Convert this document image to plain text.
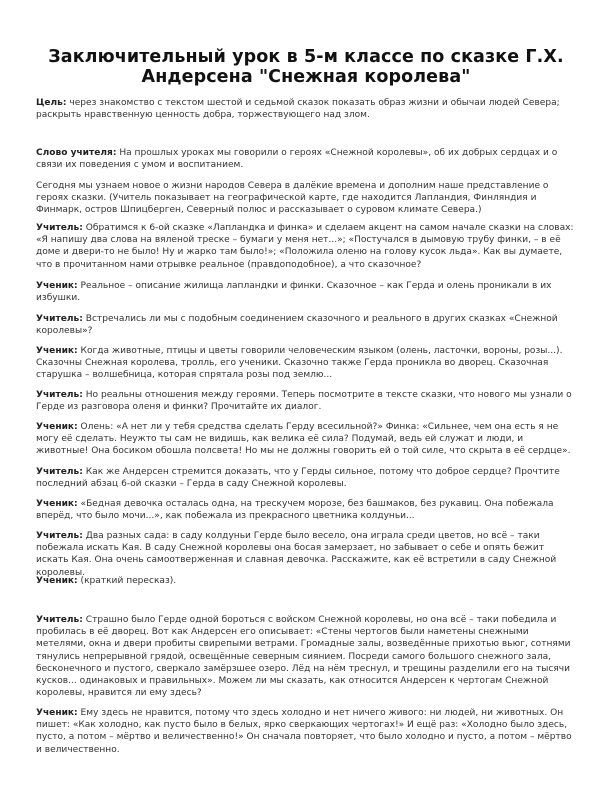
Заключительный урок в 5-м классе по сказке Г.Х. Андерсена "Снежная королева"

Цель: через знакомство с текстом шестой и седьмой сказок показать образ жизни и обычаи людей Севера; раскрыть нравственную ценность добра, торжествующего над злом.

Слово учителя: На прошлых уроках мы говорили о героях «Снежной королевы», об их добрых сердцах и о связи их поведения с умом и воспитанием.

Сегодня мы узнаем новое о жизни народов Севера в далёкие времена и дополним наше представление о героях сказки. (Учитель показывает на географической карте, где находится Лапландия, Финляндия и Финмарк, остров Шпицберген, Северный полюс и рассказывает о суровом климате Севера.)

Учитель: Обратимся к 6-ой сказке «Лапландка и финка» и сделаем акцент на самом начале сказки на словах: «Я напишу два слова на вяленой треске – бумаги у меня нет...»; «Постучался в дымовую трубу финки, – в её доме и двери-то не было! Ну и жарко там было!»; «Положила оленю на голову кусок льда». Как вы думаете, что в прочитанном нами отрывке реальное (правдоподобное), а что сказочное?

Ученик: Реальное – описание жилища лапландки и финки. Сказочное – как Герда и олень проникали в их избушки.

Учитель: Встречались ли мы с подобным соединением сказочного и реального в других сказках «Снежной королевы»?

Ученик: Когда животные, птицы и цветы говорили человеческим языком (олень, ласточки, вороны, розы...). Сказочны Снежная королева, тролль, его ученики. Сказочно также Герда проникла во дворец. Сказочная старушка – волшебница, которая спрятала розы под землю...

Учитель: Но реальны отношения между героями. Теперь посмотрите в тексте сказки, что нового мы узнали о Герде из разговора оленя и финки? Прочитайте их диалог.

Ученик: Олень: «А нет ли у тебя средства сделать Герду всесильной?» Финка: «Сильнее, чем она есть я не могу её сделать. Неужто ты сам не видишь, как велика её сила? Подумай, ведь ей служат и люди, и животные! Она босиком обошла полсвета! Но мы не должны говорить ей о той силе, что скрыта в её сердце».

Учитель: Как же Андерсен стремится доказать, что у Герды сильное, потому что доброе сердце? Прочтите последний абзац 6-ой сказки – Герда в саду Снежной королевы.

Ученик: «Бедная девочка осталась одна, на трескучем морозе, без башмаков, без рукавиц. Она побежала вперёд, что было мочи...», как побежала из прекрасного цветника колдуньи...

Учитель: Два разных сада: в саду колдуньи Герде было весело, она играла среди цветов, но всё – таки побежала искать Кая. В саду Снежной королевы она босая замерзает, но забывает о себе и опять бежит искать Кая. Она очень самоотверженная и славная девочка. Расскажите, как её встретили в саду Снежной королевы.

Ученик: (краткий пересказ).

Учитель: Страшно было Герде одной бороться с войском Снежной королевы, но она всё – таки победила и пробилась в её дворец. Вот как Андерсен его описывает: «Стены чертогов были наметены снежными метелями, окна и двери пробиты свирепыми ветрами. Громадные залы, возведённые прихотью вьюг, сотнями тянулись непрерывной грядой, освещённые северным сиянием. Посреди самого большого снежного зала, бесконечного и пустого, сверкало замёрзшее озеро. Лёд на нём треснул, и трещины разделили его на тысячи кусков... одинаковых и правильных». Можем ли мы сказать, как относится Андерсен к чертогам Снежной королевы, нравится ли ему здесь?

Ученик: Ему здесь не нравится, потому что здесь холодно и нет ничего живого: ни людей, ни животных. Он пишет: «Как холодно, как пусто было в белых, ярко сверкающих чертогах!» И ещё раз: «Холодно было здесь, пусто, а потом – мёртво и величественно!» Он сначала повторяет, что было холодно и пусто, а потом – мёртво и величественно.
